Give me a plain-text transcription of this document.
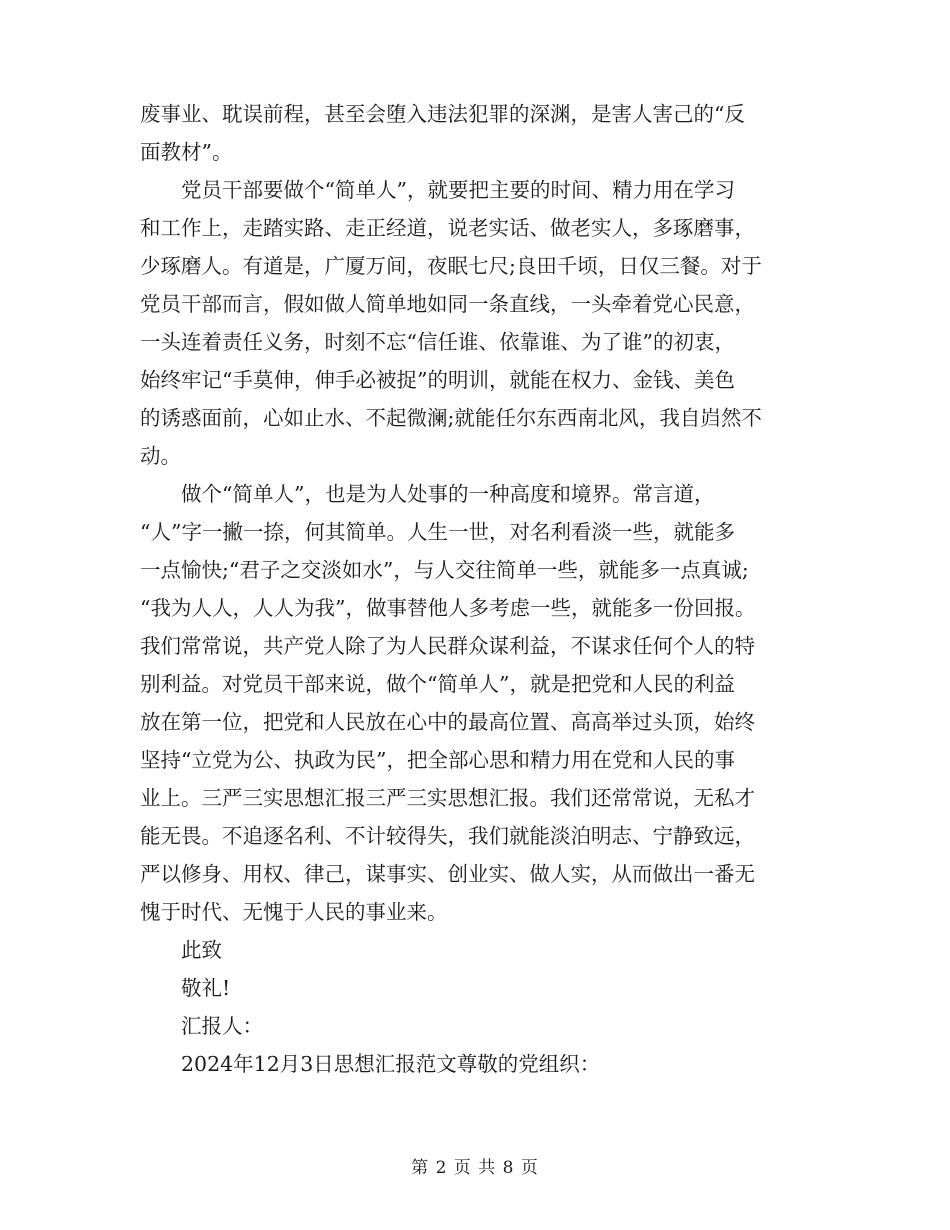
废事业、耽误前程，甚至会堕入违法犯罪的深渊，是害人害己的“反
面教材”。

　　党员干部要做个“简单人”，就要把主要的时间、精力用在学习
和工作上，走踏实路、走正经道，说老实话、做老实人，多琢磨事，
少琢磨人。有道是，广厦万间，夜眠七尺;良田千顷，日仅三餐。对于
党员干部而言，假如做人简单地如同一条直线，一头牵着党心民意，
一头连着责任义务，时刻不忘“信任谁、依靠谁、为了谁”的初衷，
始终牢记“手莫伸，伸手必被捉”的明训，就能在权力、金钱、美色
的诱惑面前，心如止水、不起微澜;就能任尔东西南北风，我自岿然不
动。

　　做个“简单人”，也是为人处事的一种高度和境界。常言道，
“人”字一撇一捺，何其简单。人生一世，对名利看淡一些，就能多
一点愉快;“君子之交淡如水”，与人交往简单一些，就能多一点真诚;
“我为人人，人人为我”，做事替他人多考虑一些，就能多一份回报。
我们常常说，共产党人除了为人民群众谋利益，不谋求任何个人的特
别利益。对党员干部来说，做个“简单人”，就是把党和人民的利益
放在第一位，把党和人民放在心中的最高位置、高高举过头顶，始终
坚持“立党为公、执政为民”，把全部心思和精力用在党和人民的事
业上。三严三实思想汇报三严三实思想汇报。我们还常常说，无私才
能无畏。不追逐名利、不计较得失，我们就能淡泊明志、宁静致远，
严以修身、用权、律己，谋事实、创业实、做人实，从而做出一番无
愧于时代、无愧于人民的事业来。

　　此致

　　敬礼!

　　汇报人：

　　2024年12月3日思想汇报范文尊敬的党组织：

第 2 页 共 8 页
